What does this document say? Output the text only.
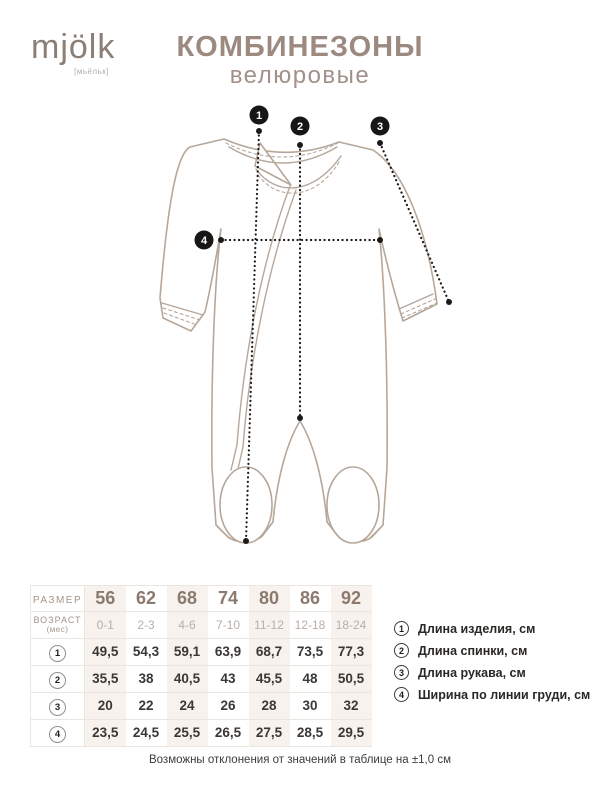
mjölk
[мьёльк]
КОМБИНЕЗОНЫ
велюровые
1
2	3
4
РАЗМЕР	56	62	68	74	80	86	92

ВОЗРАСТ
(мес)	0-1	2-3	4-6	7-10	11-12	12-18	18-24
1	49,5	54,3	59,1	63,9	68,7	73,5	77,3
2	35,5	38	40,5	43	45,5	48	50,5
3	20	22	24	26	28	30	32
4	23,5	24,5	25,5	26,5	27,5	28,5	29,5
1	Длина изделия, см
2	Длина спинки, см
3	Длина рукава, см
4	Ширина по линии груди, см
Возможны отклонения от значений в таблице на ±1,0 см
